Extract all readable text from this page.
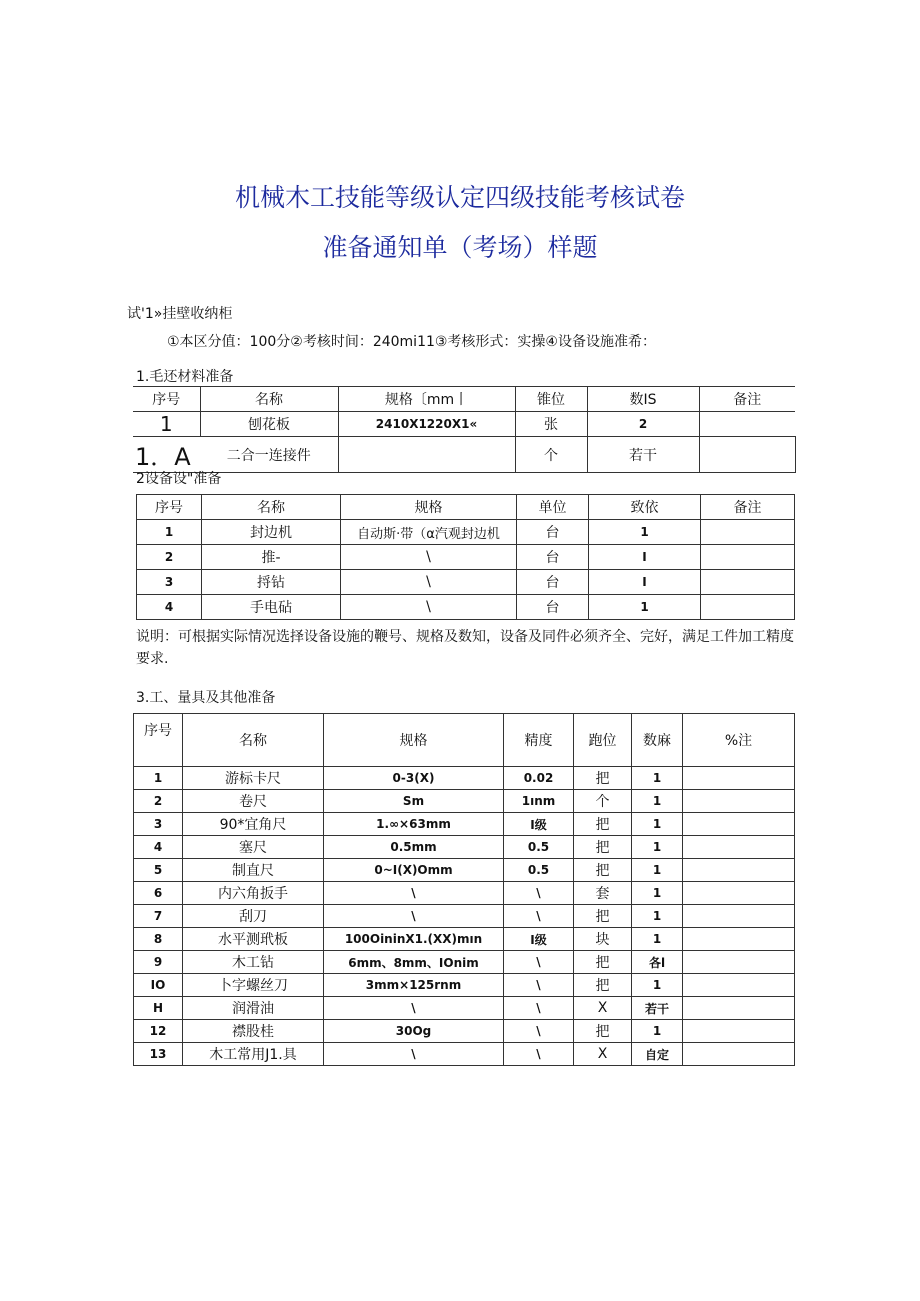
机械木工技能等级认定四级技能考核试卷
准备通知单（考场）样题
试'1»挂壁收纳柜
①本区分值：100分②考核时间：240mi11③考核形式：实操④设备设施准希：
1.毛还材料准备
序号	名称	规格〔mm丨	锥位	数IS	备注
1	刨花板	2410X1220X1«	张	2	
1．A	二合一连接件		个	若干	
2设备设"准备
序号	名称	规格	单位	致依	备注
1	封边机	自动斯·带（α汽观封边机	台	1	
2	推-	\	台	I	
3	捋钻	\	台	I	
4	手电砧	\	台	1	
说明：可根据实际情况选择设备设施的鞭号、规格及数知，设备及同件必须齐全、完好，满足工件加工精度要求.
3.工、量具及其他准备
序号	名称	规格	精度	跑位	数麻	%注
1	游标卡尺	0-3(X)	0.02	把	1	
2	卷尺	Sm	1ınm	个	1	
3	90*宜角尺	1.∞×63mm	I级	把	1	
4	塞尺	0.5mm	0.5	把	1	
5	制直尺	0~I(X)Omm	0.5	把	1	
6	内六角扳手	\	\	套	1	
7	刮刀	\	\	把	1	
8	水平测玳板	100OininX1.(XX)mın	I级	块	1	
9	木工钻	6mm、8mm、IOnim	\	把	各l	
IO	卜字螺丝刀	3mm×125rnm	\	把	1	
H	润滑油	\	\	X	若干	
12	襟股桂	30Og	\	把	1	
13	木工常用J1.具	\	\	X	自定	
